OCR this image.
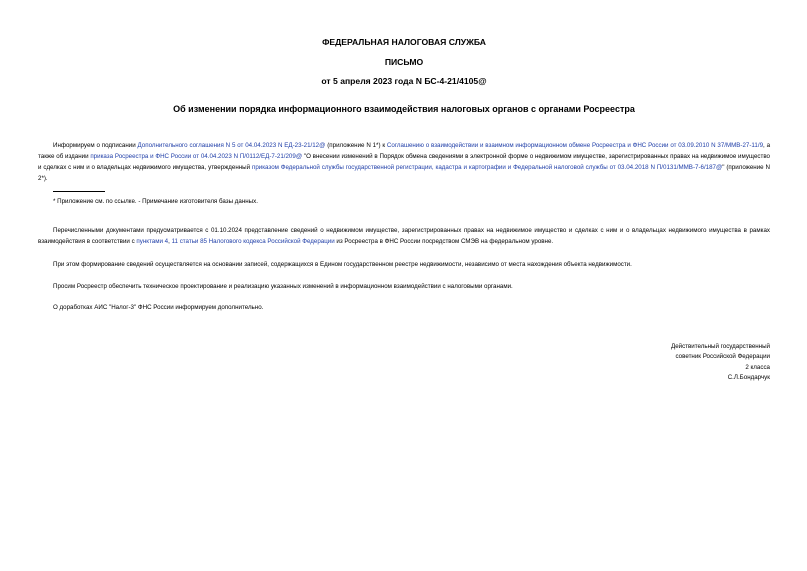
ФЕДЕРАЛЬНАЯ НАЛОГОВАЯ СЛУЖБА
ПИСЬМО
от 5 апреля 2023 года N БС-4-21/4105@
Об изменении порядка информационного взаимодействия налоговых органов с органами Росреестра

Информируем о подписании Дополнительного соглашения N 5 от 04.04.2023 N ЕД-23-21/12@ (приложение N 1*) к Соглашению о взаимодействии и взаимном информационном обмене Росреестра и ФНС России от 03.09.2010 N 37/ММВ-27-11/9, а также об издании приказа Росреестра и ФНС России от 04.04.2023 N П/0112/ЕД-7-21/209@ "О внесении изменений в Порядок обмена сведениями в электронной форме о недвижимом имуществе, зарегистрированных правах на недвижимое имущество и сделках с ним и о владельцах недвижимого имущества, утвержденный приказом Федеральной службы государственной регистрации, кадастра и картографии и Федеральной налоговой службы от 03.04.2018 N П/0131/ММВ-7-6/187@" (приложение N 2*).

* Приложение см. по ссылке. - Примечание изготовителя базы данных.

Перечисленными документами предусматривается с 01.10.2024 представление сведений о недвижимом имуществе, зарегистрированных правах на недвижимое имущество и сделках с ним и о владельцах недвижимого имущества в рамках взаимодействия в соответствии с пунктами 4, 11 статьи 85 Налогового кодекса Российской Федерации из Росреестра в ФНС России посредством СМЭВ на федеральном уровне.

При этом формирование сведений осуществляется на основании записей, содержащихся в Едином государственном реестре недвижимости, независимо от места нахождения объекта недвижимости.

Просим Росреестр обеспечить техническое проектирование и реализацию указанных изменений в информационном взаимодействии с налоговыми органами.

О доработках АИС "Налог-3" ФНС России информируем дополнительно.

Действительный государственный
советник Российской Федерации
2 класса
С.Л.Бондарчук
